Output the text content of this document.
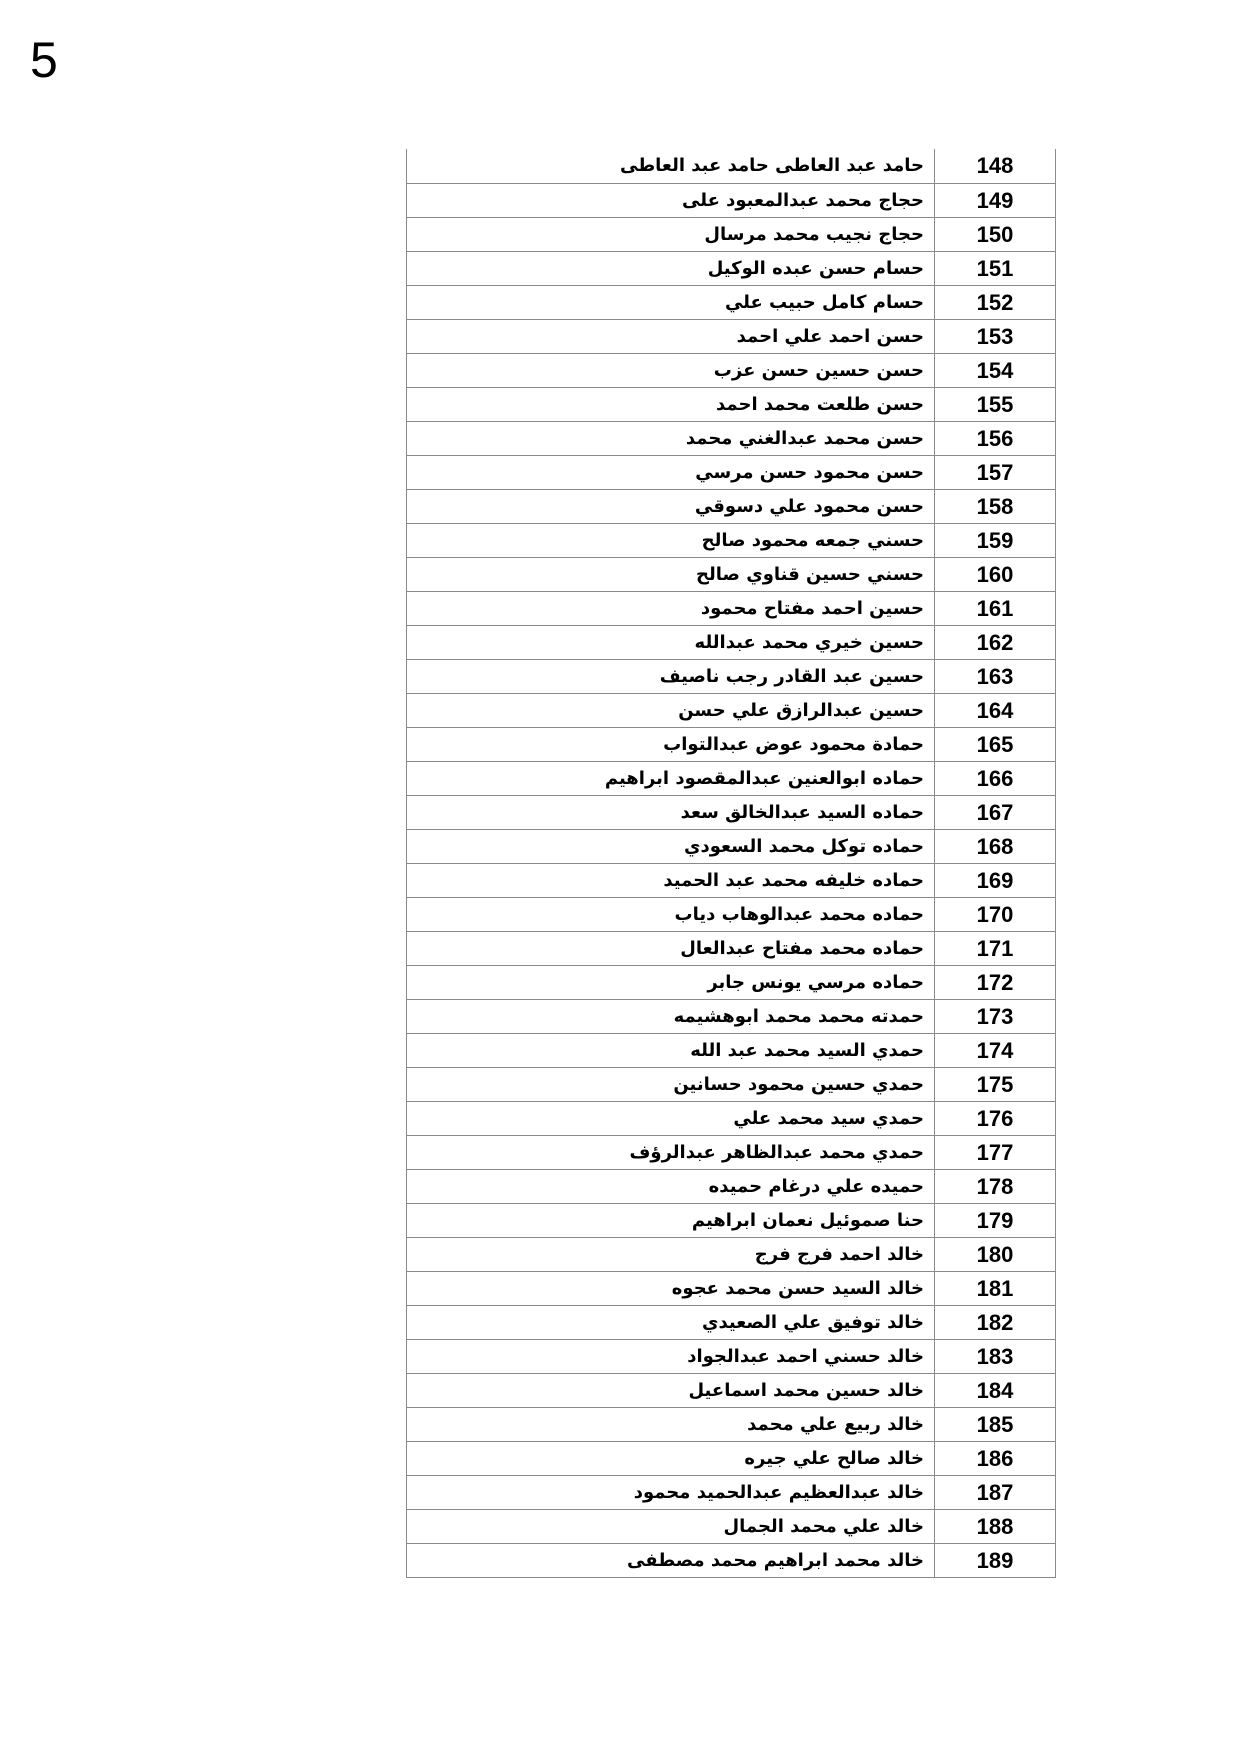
5
148	حامد عبد العاطى حامد عبد العاطى
149	حجاج محمد عبدالمعبود على
150	حجاج نجيب محمد مرسال
151	حسام حسن عبده الوكيل
152	حسام كامل حبيب علي
153	حسن احمد علي احمد
154	حسن حسين حسن عزب
155	حسن طلعت محمد احمد
156	حسن محمد عبدالغني محمد
157	حسن محمود حسن مرسي
158	حسن محمود علي دسوقي
159	حسني جمعه محمود صالح
160	حسني حسين قناوي صالح
161	حسين احمد مفتاح محمود
162	حسين خيري محمد عبدالله
163	حسين عبد القادر رجب ناصيف
164	حسين عبدالرازق علي حسن
165	حمادة محمود عوض عبدالتواب
166	حماده ابوالعنين عبدالمقصود ابراهيم
167	حماده السيد عبدالخالق سعد
168	حماده توكل محمد السعودي
169	حماده خليفه محمد عبد الحميد
170	حماده محمد عبدالوهاب دياب
171	حماده محمد مفتاح عبدالعال
172	حماده مرسي يونس جابر
173	حمدته محمد محمد ابوهشيمه
174	حمدي السيد محمد عبد الله
175	حمدي حسين محمود حسانين
176	حمدي سيد محمد علي
177	حمدي محمد عبدالظاهر عبدالرؤف
178	حميده علي درغام حميده
179	حنا صموئيل نعمان ابراهيم
180	خالد احمد فرج فرج
181	خالد السيد حسن محمد عجوه
182	خالد توفيق علي الصعيدي
183	خالد حسني احمد عبدالجواد
184	خالد حسين محمد اسماعيل
185	خالد ربيع علي محمد
186	خالد صالح علي جيره
187	خالد عبدالعظيم عبدالحميد محمود
188	خالد علي محمد الجمال
189	خالد محمد ابراهيم محمد مصطفى
